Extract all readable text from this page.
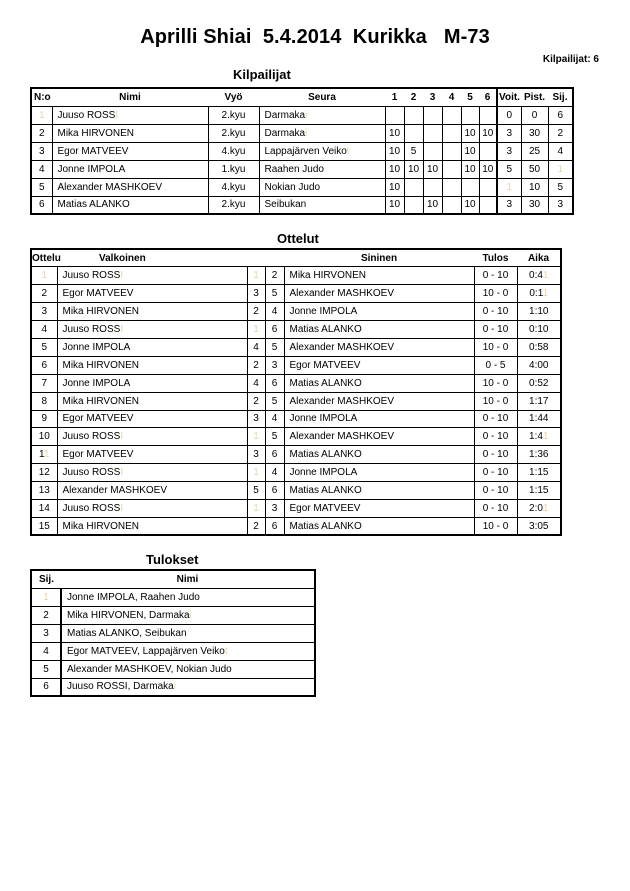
Aprilli Shiai  5.4.2014  Kurikka   M-73
Kilpailijat: 6
Kilpailijat
N:o	Nimi	Vyö	Seura	1	2	3	4	5	6	Voit.	Pist.	Sij.
1	Juuso ROSSI	2.kyu	Darmakai							0	0	6
2	Mika HIRVONEN	2.kyu	Darmakai	10				10	10	3	30	2
3	Egor MATVEEV	4.kyu	Lappajärven Veikot	10	5			10		3	25	4
4	Jonne IMPOLA	1.kyu	Raahen Judo	10	10	10		10	10	5	50	1
5	Alexander MASHKOEV	4.kyu	Nokian Judo	10						1	10	5
6	Matias ALANKO	2.kyu	Seibukan	10		10		10		3	30	3
Ottelut
Ottelu	Valkoinen			Sininen	Tulos	Aika
1	Juuso ROSSI	1	2	Mika HIRVONEN	0 - 10	0:41
2	Egor MATVEEV	3	5	Alexander MASHKOEV	10 - 0	0:11
3	Mika HIRVONEN	2	4	Jonne IMPOLA	0 - 10	1:10
4	Juuso ROSSI	1	6	Matias ALANKO	0 - 10	0:10
5	Jonne IMPOLA	4	5	Alexander MASHKOEV	10 - 0	0:58
6	Mika HIRVONEN	2	3	Egor MATVEEV	0 - 5	4:00
7	Jonne IMPOLA	4	6	Matias ALANKO	10 - 0	0:52
8	Mika HIRVONEN	2	5	Alexander MASHKOEV	10 - 0	1:17
9	Egor MATVEEV	3	4	Jonne IMPOLA	0 - 10	1:44
10	Juuso ROSSI	1	5	Alexander MASHKOEV	0 - 10	1:41
11	Egor MATVEEV	3	6	Matias ALANKO	0 - 10	1:36
12	Juuso ROSSI	1	4	Jonne IMPOLA	0 - 10	1:15
13	Alexander MASHKOEV	5	6	Matias ALANKO	0 - 10	1:15
14	Juuso ROSSI	1	3	Egor MATVEEV	0 - 10	2:01
15	Mika HIRVONEN	2	6	Matias ALANKO	10 - 0	3:05
Tulokset
Sij.	Nimi
1	Jonne IMPOLA, Raahen Judo
2	Mika HIRVONEN, Darmakai
3	Matias ALANKO, Seibukan
4	Egor MATVEEV, Lappajärven Veikot
5	Alexander MASHKOEV, Nokian Judo
6	Juuso ROSSI, Darmakai
